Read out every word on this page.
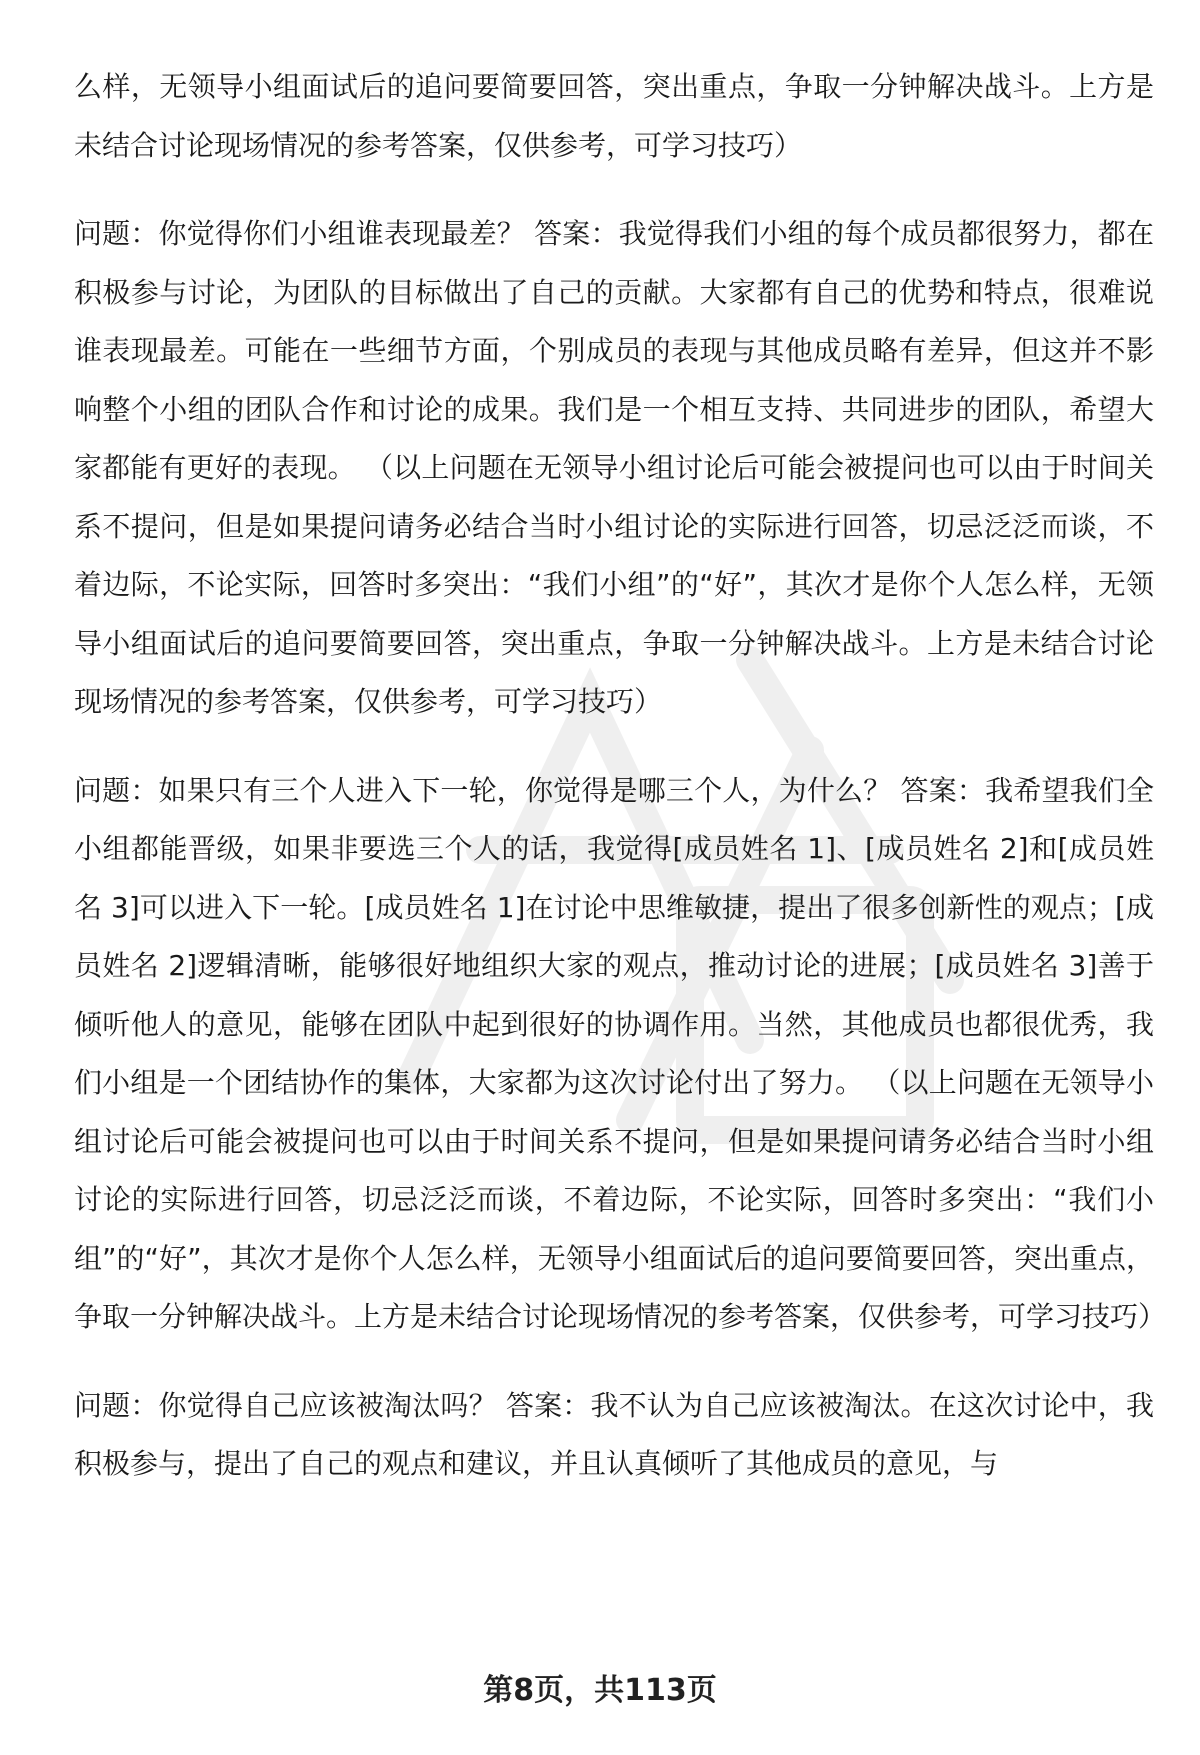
么样，无领导小组面试后的追问要简要回答，突出重点，争取一分钟解决战斗。上方是未结合讨论现场情况的参考答案，仅供参考，可学习技巧）

问题：你觉得你们小组谁表现最差？ 答案：我觉得我们小组的每个成员都很努力，都在积极参与讨论，为团队的目标做出了自己的贡献。大家都有自己的优势和特点，很难说谁表现最差。可能在一些细节方面，个别成员的表现与其他成员略有差异，但这并不影响整个小组的团队合作和讨论的成果。我们是一个相互支持、共同进步的团队，希望大家都能有更好的表现。 （以上问题在无领导小组讨论后可能会被提问也可以由于时间关系不提问，但是如果提问请务必结合当时小组讨论的实际进行回答，切忌泛泛而谈，不着边际，不论实际，回答时多突出：“我们小组”的“好”，其次才是你个人怎么样，无领导小组面试后的追问要简要回答，突出重点，争取一分钟解决战斗。上方是未结合讨论现场情况的参考答案，仅供参考，可学习技巧）

问题：如果只有三个人进入下一轮，你觉得是哪三个人，为什么？ 答案：我希望我们全小组都能晋级，如果非要选三个人的话，我觉得[成员姓名 1]、[成员姓名 2]和[成员姓名 3]可以进入下一轮。[成员姓名 1]在讨论中思维敏捷，提出了很多创新性的观点；[成员姓名 2]逻辑清晰，能够很好地组织大家的观点，推动讨论的进展；[成员姓名 3]善于倾听他人的意见，能够在团队中起到很好的协调作用。当然，其他成员也都很优秀，我们小组是一个团结协作的集体，大家都为这次讨论付出了努力。 （以上问题在无领导小组讨论后可能会被提问也可以由于时间关系不提问，但是如果提问请务必结合当时小组讨论的实际进行回答，切忌泛泛而谈，不着边际，不论实际，回答时多突出：“我们小组”的“好”，其次才是你个人怎么样，无领导小组面试后的追问要简要回答，突出重点，争取一分钟解决战斗。上方是未结合讨论现场情况的参考答案，仅供参考，可学习技巧）

问题：你觉得自己应该被淘汰吗？ 答案：我不认为自己应该被淘汰。在这次讨论中，我积极参与，提出了自己的观点和建议，并且认真倾听了其他成员的意见，与

第8页，共113页
